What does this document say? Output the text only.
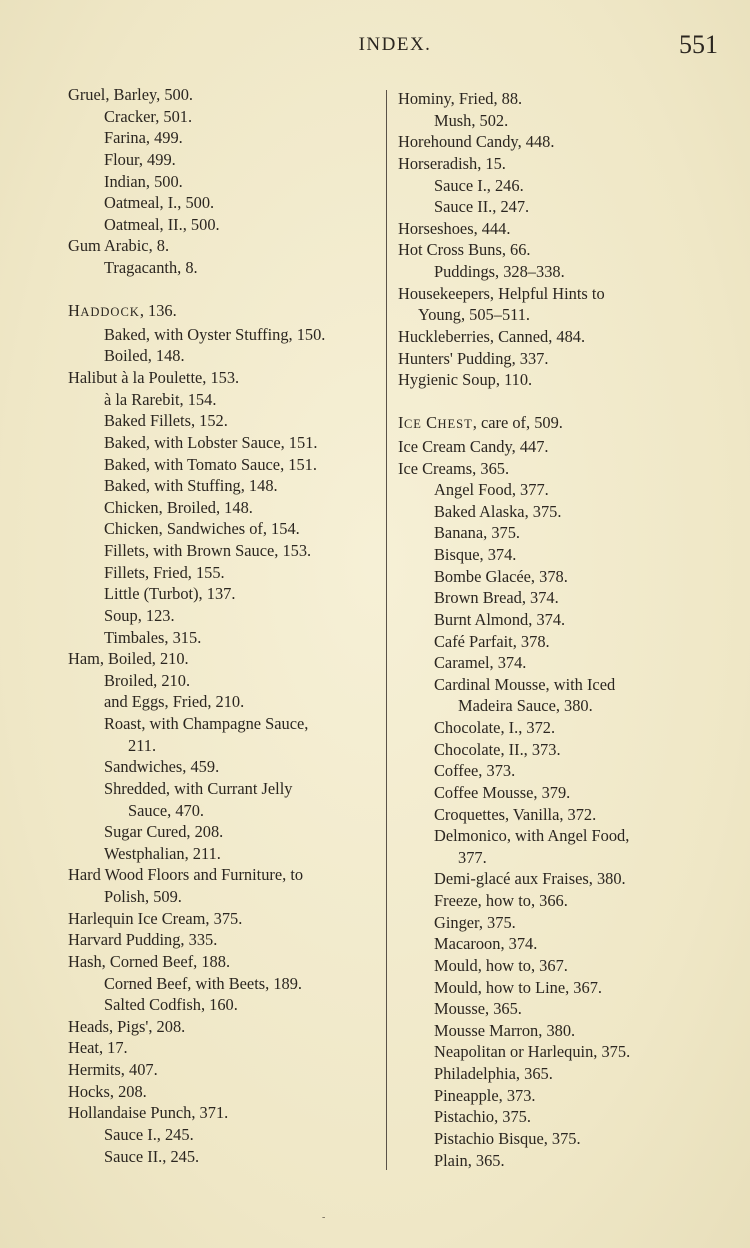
INDEX.	551
Gruel, Barley, 500.
Cracker, 501.
Farina, 499.
Flour, 499.
Indian, 500.
Oatmeal, I., 500.
Oatmeal, II., 500.
Gum Arabic, 8.
Tragacanth, 8.
HADDOCK, 136.
Baked, with Oyster Stuffing, 150.
Boiled, 148.
Halibut à la Poulette, 153.
à la Rarebit, 154.
Baked Fillets, 152.
Baked, with Lobster Sauce, 151.
Baked, with Tomato Sauce, 151.
Baked, with Stuffing, 148.
Chicken, Broiled, 148.
Chicken, Sandwiches of, 154.
Fillets, with Brown Sauce, 153.
Fillets, Fried, 155.
Little (Turbot), 137.
Soup, 123.
Timbales, 315.
Ham, Boiled, 210.
Broiled, 210.
and Eggs, Fried, 210.
Roast, with Champagne Sauce,
211.
Sandwiches, 459.
Shredded, with Currant Jelly
Sauce, 470.
Sugar Cured, 208.
Westphalian, 211.
Hard Wood Floors and Furniture, to
Polish, 509.
Harlequin Ice Cream, 375.
Harvard Pudding, 335.
Hash, Corned Beef, 188.
Corned Beef, with Beets, 189.
Salted Codfish, 160.
Heads, Pigs', 208.
Heat, 17.
Hermits, 407.
Hocks, 208.
Hollandaise Punch, 371.
Sauce I., 245.
Sauce II., 245.
Hominy, Fried, 88.
Mush, 502.
Horehound Candy, 448.
Horseradish, 15.
Sauce I., 246.
Sauce II., 247.
Horseshoes, 444.
Hot Cross Buns, 66.
Puddings, 328–338.
Housekeepers, Helpful Hints to
Young, 505–511.
Huckleberries, Canned, 484.
Hunters' Pudding, 337.
Hygienic Soup, 110.
ICE CHEST, care of, 509.
Ice Cream Candy, 447.
Ice Creams, 365.
Angel Food, 377.
Baked Alaska, 375.
Banana, 375.
Bisque, 374.
Bombe Glacée, 378.
Brown Bread, 374.
Burnt Almond, 374.
Café Parfait, 378.
Caramel, 374.
Cardinal Mousse, with Iced
Madeira Sauce, 380.
Chocolate, I., 372.
Chocolate, II., 373.
Coffee, 373.
Coffee Mousse, 379.
Croquettes, Vanilla, 372.
Delmonico, with Angel Food,
377.
Demi-glacé aux Fraises, 380.
Freeze, how to, 366.
Ginger, 375.
Macaroon, 374.
Mould, how to, 367.
Mould, how to Line, 367.
Mousse, 365.
Mousse Marron, 380.
Neapolitan or Harlequin, 375.
Philadelphia, 365.
Pineapple, 373.
Pistachio, 375.
Pistachio Bisque, 375.
Plain, 365.
-
